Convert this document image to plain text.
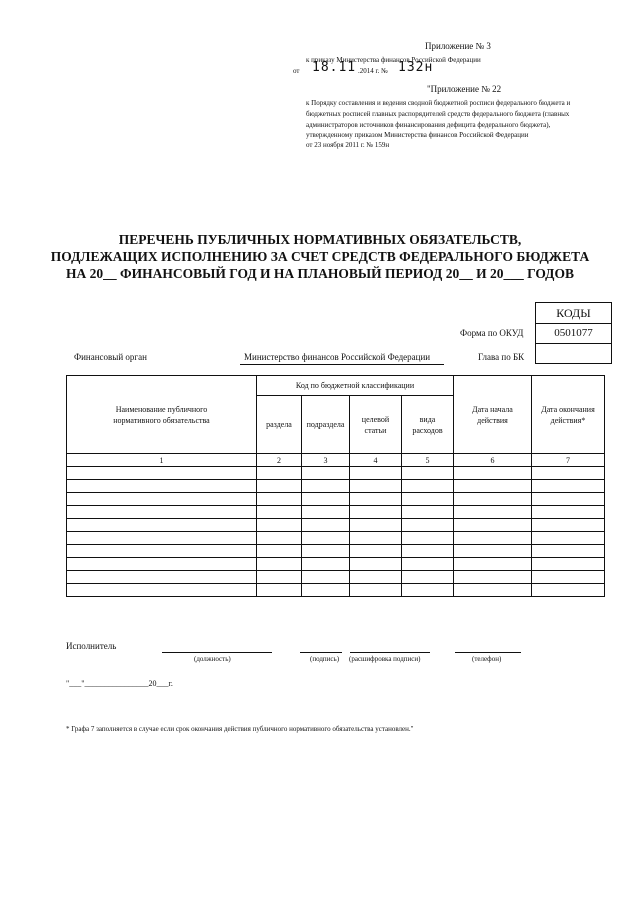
Приложение № 3
к приказу Министерства финансов Российской Федерации
от 18.11 .2014 г. № 132н
"Приложение № 22
к Порядку составления и ведения сводной бюджетной росписи федерального бюджета и
бюджетных росписей главных распорядителей средств федерального бюджета (главных
администраторов источников финансирования дефицита федерального бюджета),
утвержденному приказом Министерства финансов Российской Федерации
от 23 ноября 2011 г. № 159н
ПЕРЕЧЕНЬ ПУБЛИЧНЫХ НОРМАТИВНЫХ ОБЯЗАТЕЛЬСТВ,
ПОДЛЕЖАЩИХ ИСПОЛНЕНИЮ ЗА СЧЕТ СРЕДСТВ ФЕДЕРАЛЬНОГО БЮДЖЕТА
НА 20__ ФИНАНСОВЫЙ ГОД И НА ПЛАНОВЫЙ ПЕРИОД 20__ И 20___ ГОДОВ
КОДЫ
0501077
Форма по ОКУД
Глава по БК
Финансовый орган	Министерство финансов Российской Федерации
Наименование публичного нормативного обязательства	Код по бюджетной классификации				Дата начала действия	Дата окончания действия*
	раздела	подраздела	целевой статьи	вида расходов		
1	2	3	4	5	6	7

Исполнитель
(должность)	(подпись) (расшифровка подписи)	(телефон)
"___"________________20___г.
* Графа 7 заполняется в случае если срок окончания действия публичного нормативного обязательства установлен."
